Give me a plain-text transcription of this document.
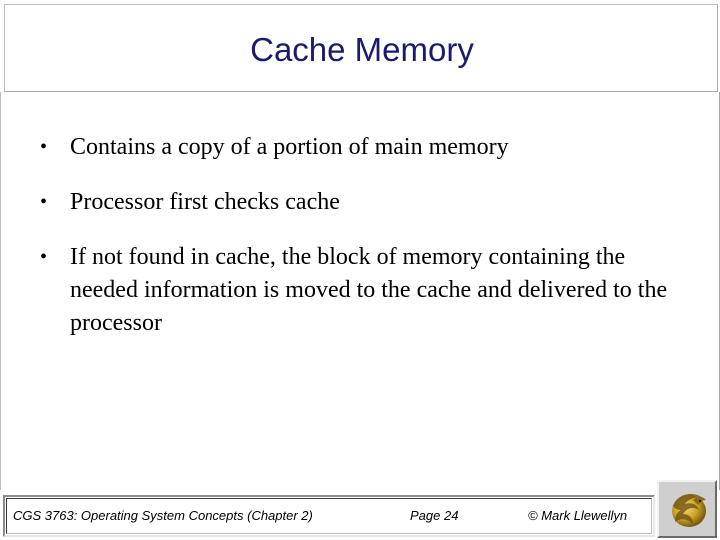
Cache Memory
• Contains a copy of a portion of main memory
• Processor first checks cache
• If not found in cache, the block of memory containing the needed information is moved to the cache and delivered to the processor
CGS 3763: Operating System Concepts (Chapter 2)	Page 24	© Mark Llewellyn
